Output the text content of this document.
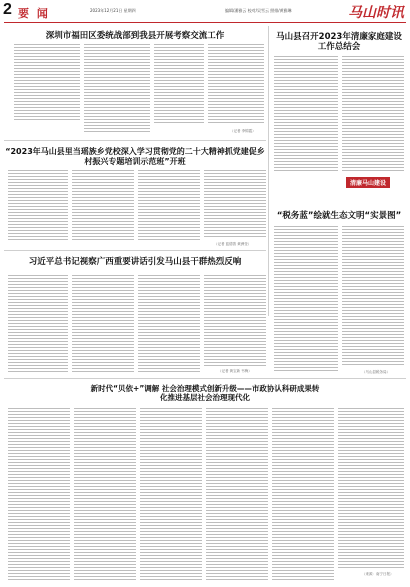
2 要 闻	2023年12月21日 星期四	编辑/潘雅云 校对/吴雪云 照排/黄雅琳	马山时讯
深圳市福田区委统战部到我县开展考察交流工作
（记者 李锦霞）
马山县召开2023年清廉家庭建设工作总结会
清廉马山建设
“2023年马山县里当瑶族乡党校深入学习贯彻党的二十大精神抓党建促乡村振兴专题培训示范班”开班
（记者 蓝德善 黄洲莹）
“税务蓝”绘就生态文明“实景图”
（马山县税务局）
习近平总书记视察广西重要讲话引发马山县干群热烈反响
（记者 黄宝新 韦梅）
新时代“贝依+”调解 社会治理模式创新升级——市政协认科研成果转化推进基层社会治理现代化
（来源：南宁日报）
